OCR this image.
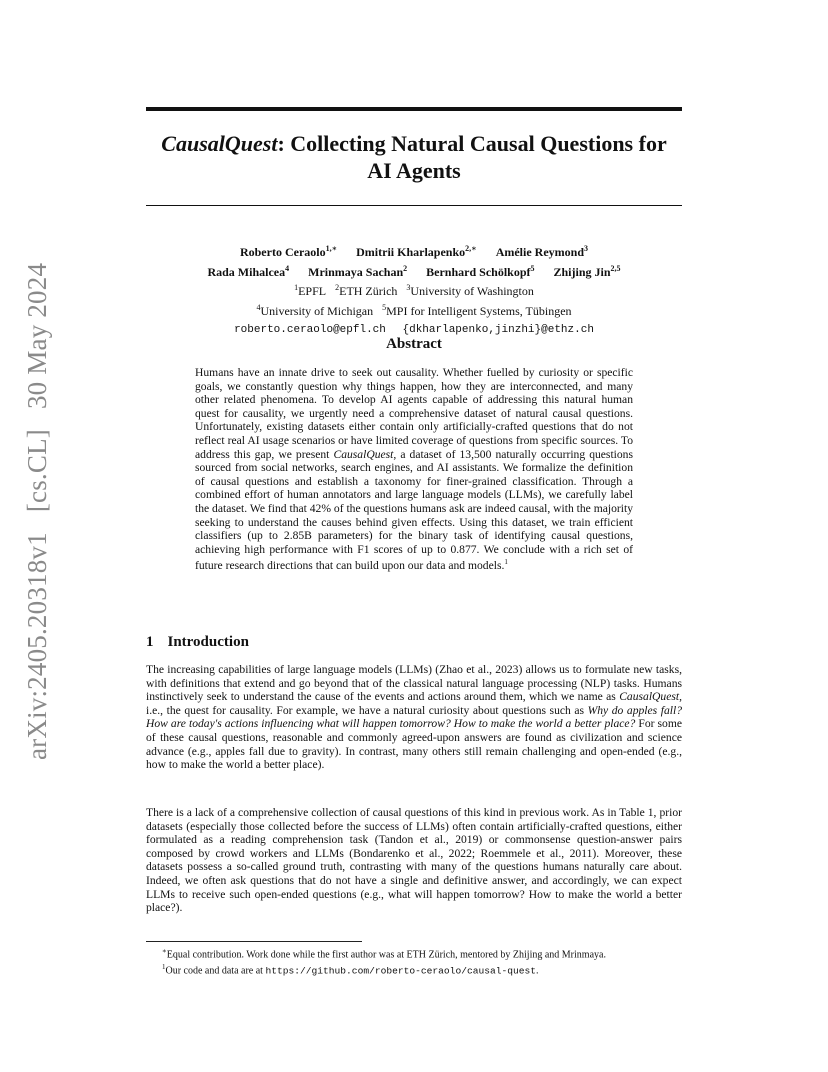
arXiv:2405.20318v1[cs.CL]30 May 2024
CausalQuest: Collecting Natural Causal Questions for
AI Agents
Roberto Ceraolo$^{1,∗}$ Dmitrii Kharlapenko$^{2,∗}$ Amélie Reymond$^3$
Rada Mihalcea$^4$ Mrinmaya Sachan$^2$ Bernhard Schölkopf$^5$ Zhijing Jin$^{2,5}$
$^1$EPFL $^2$ETH Zürich $^3$University of Washington
$^4$University of Michigan $^5$MPI for Intelligent Systems, Tübingen
roberto.ceraolo@epfl.ch {dkharlapenko,jinzhi}@ethz.ch
Abstract
Humans have an innate drive to seek out causality. Whether fuelled by curiosity or specific goals, we constantly question why things happen, how they are interconnected, and many other related phenomena. To develop AI agents capable of addressing this natural human quest for causality, we urgently need a comprehensive dataset of natural causal questions. Unfortunately, existing datasets either contain only artificially-crafted questions that do not reflect real AI usage scenarios or have limited coverage of questions from specific sources. To address this gap, we present CausalQuest, a dataset of 13,500 naturally occurring questions sourced from social networks, search engines, and AI assistants. We formalize the definition of causal questions and establish a taxonomy for finer-grained classification. Through a combined effort of human annotators and large language models (LLMs), we carefully label the dataset. We find that 42% of the questions humans ask are indeed causal, with the majority seeking to understand the causes behind given effects. Using this dataset, we train efficient classifiers (up to 2.85B parameters) for the binary task of identifying causal questions, achieving high performance with F1 scores of up to 0.877. We conclude with a rich set of future research directions that can build upon our data and models.$^1$
1 Introduction
The increasing capabilities of large language models (LLMs) (Zhao et al., 2023) allows us to formulate new tasks, with definitions that extend and go beyond that of the classical natural language processing (NLP) tasks. Humans instinctively seek to understand the cause of the events and actions around them, which we name as CausalQuest, i.e., the quest for causality. For example, we have a natural curiosity about questions such as Why do apples fall? How are today's actions influencing what will happen tomorrow? How to make the world a better place? For some of these causal questions, reasonable and commonly agreed-upon answers are found as civilization and science advance (e.g., apples fall due to gravity). In contrast, many others still remain challenging and open-ended (e.g., how to make the world a better place).
There is a lack of a comprehensive collection of causal questions of this kind in previous work. As in Table 1, prior datasets (especially those collected before the success of LLMs) often contain artificially-crafted questions, either formulated as a reading comprehension task (Tandon et al., 2019) or commonsense question-answer pairs composed by crowd workers and LLMs (Bondarenko et al., 2022; Roemmele et al., 2011). Moreover, these datasets possess a so-called ground truth, contrasting with many of the questions humans naturally care about. Indeed, we often ask questions that do not have a single and definitive answer, and accordingly, we can expect LLMs to receive such open-ended questions (e.g., what will happen tomorrow? How to make the world a better place?).
∗Equal contribution. Work done while the first author was at ETH Zürich, mentored by Zhijing and Mrinmaya.
$^1$Our code and data are at https://github.com/roberto-ceraolo/causal-quest.
